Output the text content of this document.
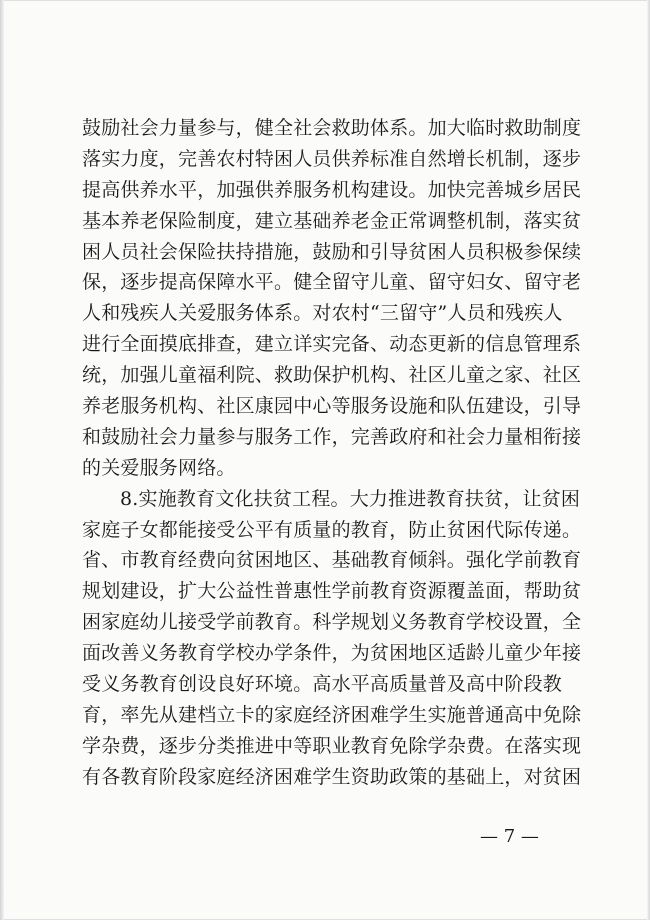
鼓励社会力量参与，健全社会救助体系。加大临时救助制度
落实力度，完善农村特困人员供养标准自然增长机制，逐步
提高供养水平，加强供养服务机构建设。加快完善城乡居民
基本养老保险制度，建立基础养老金正常调整机制，落实贫
困人员社会保险扶持措施，鼓励和引导贫困人员积极参保续
保，逐步提高保障水平。健全留守儿童、留守妇女、留守老
人和残疾人关爱服务体系。对农村“三留守”人员和残疾人
进行全面摸底排查，建立详实完备、动态更新的信息管理系
统，加强儿童福利院、救助保护机构、社区儿童之家、社区
养老服务机构、社区康园中心等服务设施和队伍建设，引导
和鼓励社会力量参与服务工作，完善政府和社会力量相衔接
的关爱服务网络。
8.实施教育文化扶贫工程。大力推进教育扶贫，让贫困
家庭子女都能接受公平有质量的教育，防止贫困代际传递。
省、市教育经费向贫困地区、基础教育倾斜。强化学前教育
规划建设，扩大公益性普惠性学前教育资源覆盖面，帮助贫
困家庭幼儿接受学前教育。科学规划义务教育学校设置，全
面改善义务教育学校办学条件，为贫困地区适龄儿童少年接
受义务教育创设良好环境。高水平高质量普及高中阶段教
育，率先从建档立卡的家庭经济困难学生实施普通高中免除
学杂费，逐步分类推进中等职业教育免除学杂费。在落实现
有各教育阶段家庭经济困难学生资助政策的基础上，对贫困
— 7 —
